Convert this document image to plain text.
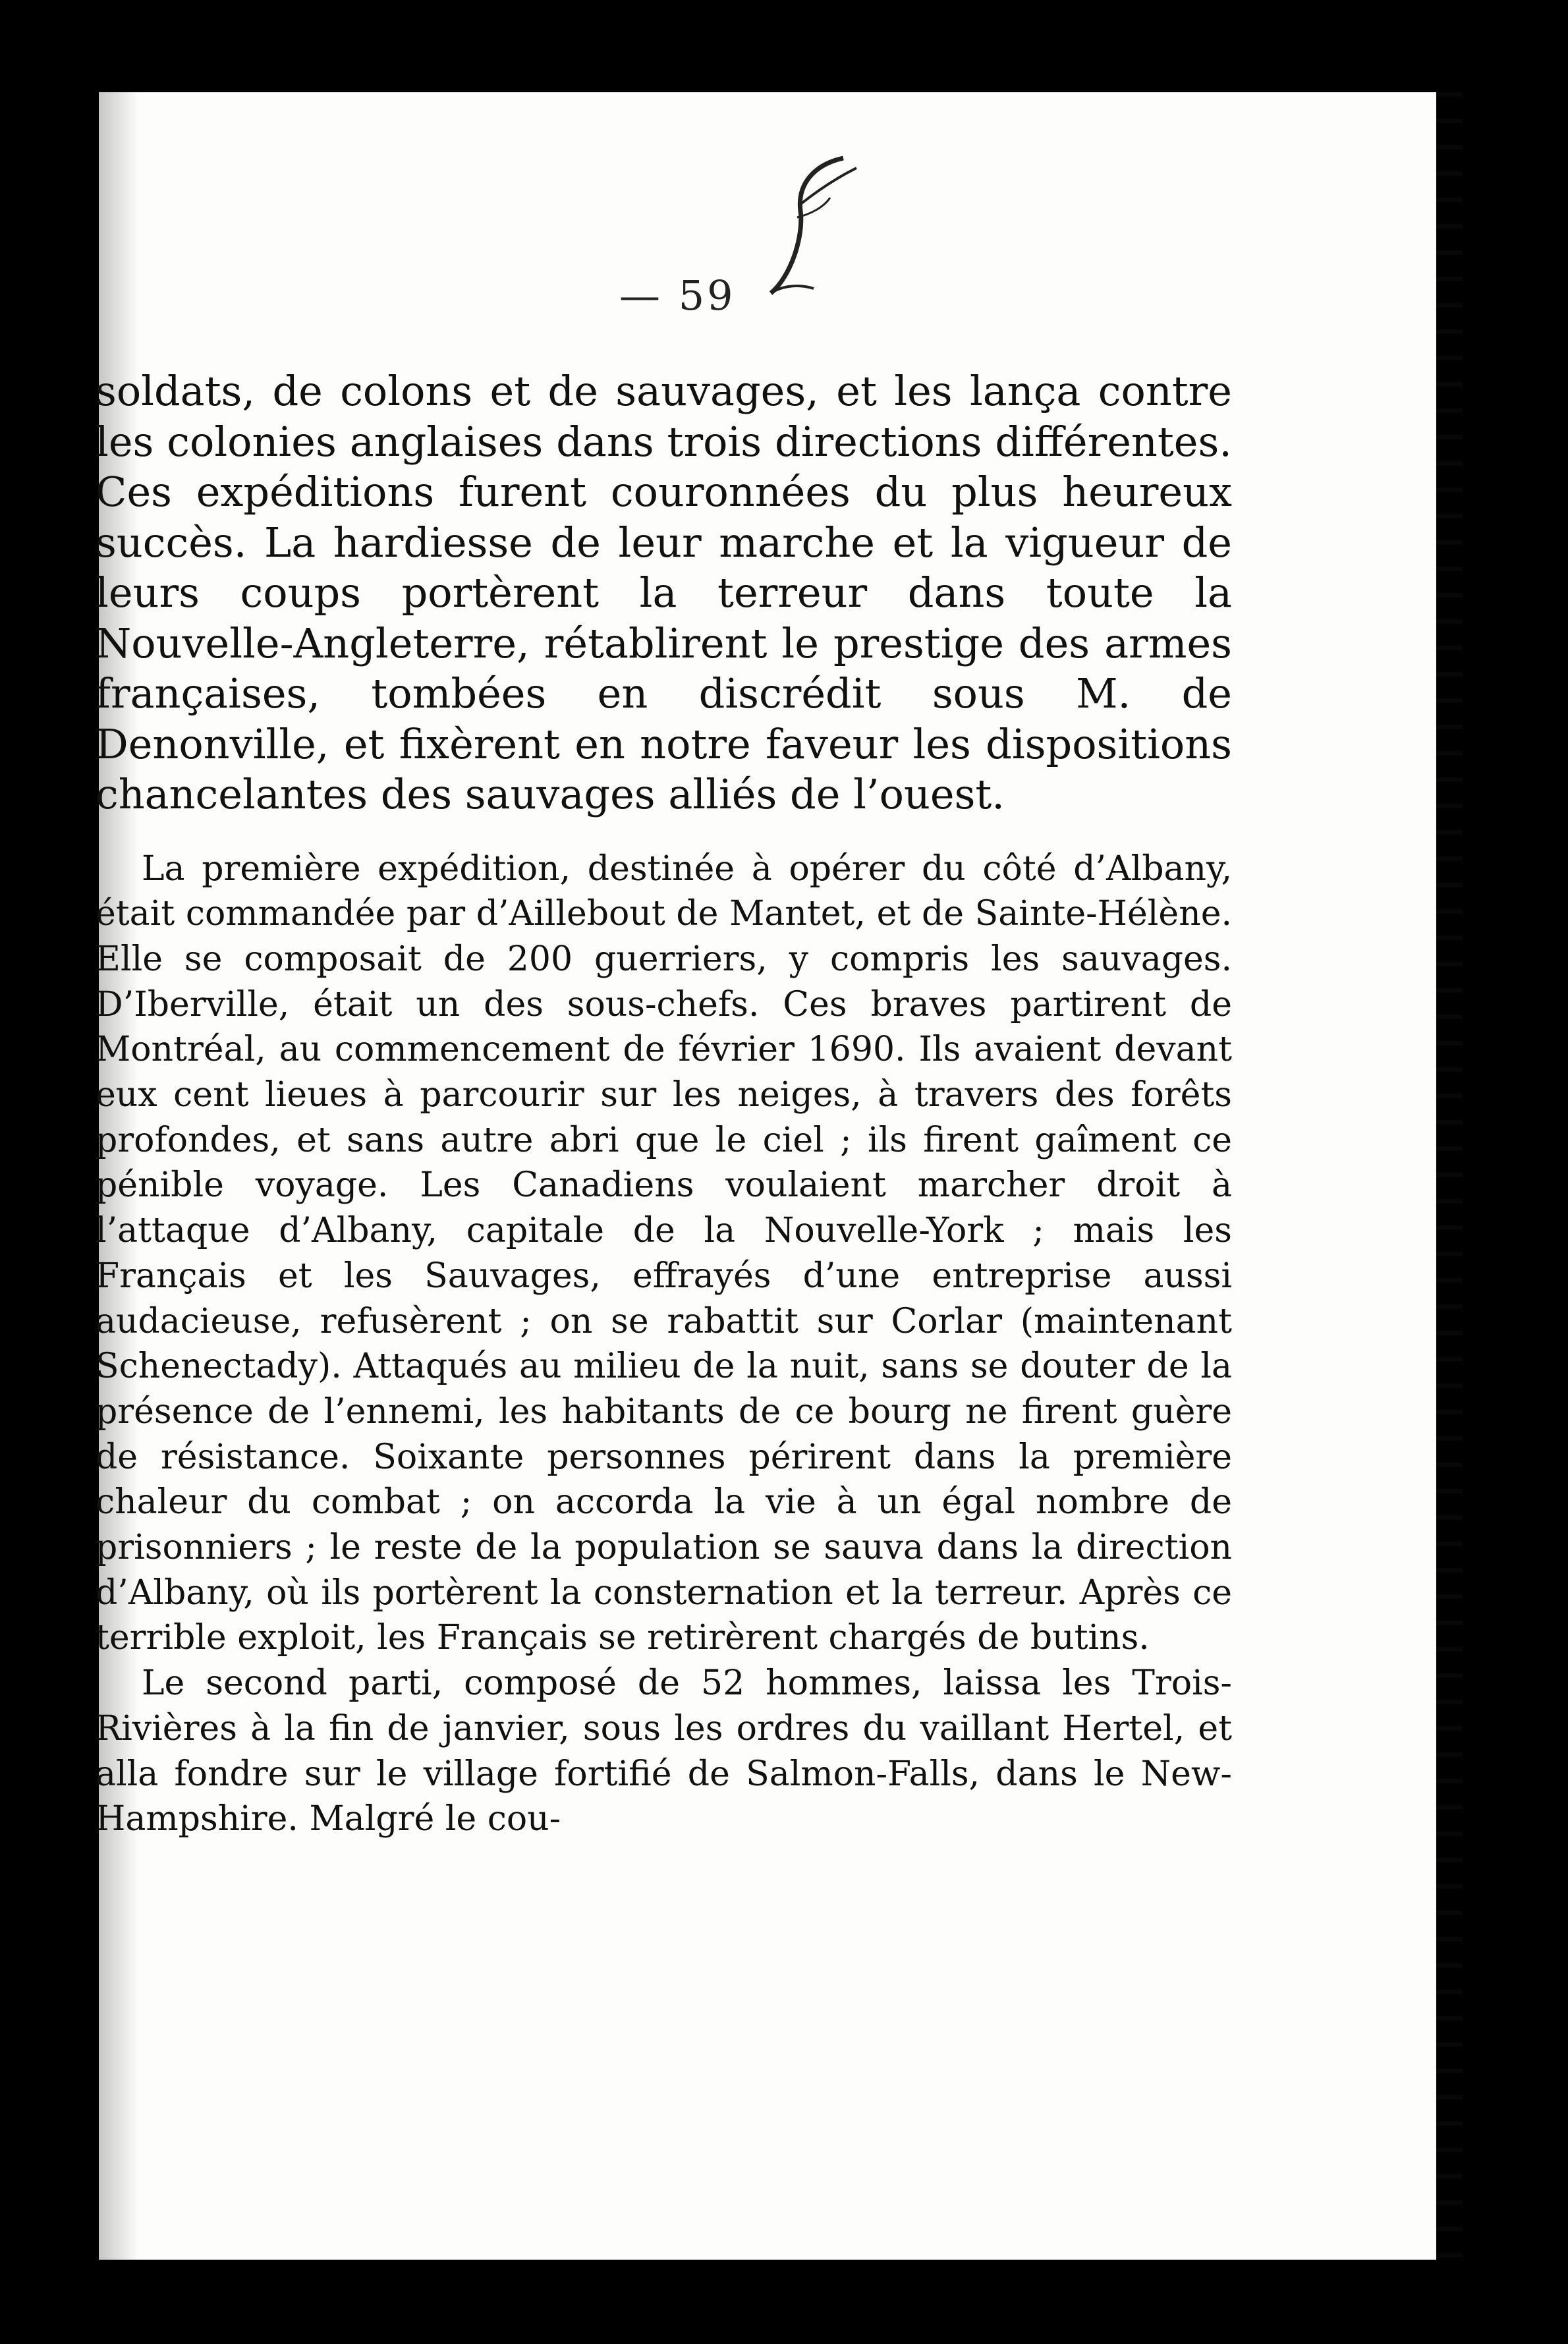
— 59

soldats, de colons et de sauvages, et les lança contre les colonies anglaises dans trois directions différentes. Ces expéditions furent couronnées du plus heureux succès. La hardiesse de leur marche et la vigueur de leurs coups portèrent la terreur dans toute la Nouvelle-Angleterre, rétablirent le prestige des armes françaises, tombées en discrédit sous M. de Denonville, et fixèrent en notre faveur les dispositions chancelantes des sauvages alliés de l’ouest.

La première expédition, destinée à opérer du côté d’Albany, était commandée par d’Aillebout de Mantet, et de Sainte-Hélène. Elle se composait de 200 guerriers, y compris les sauvages. D’Iberville, était un des sous-chefs. Ces braves partirent de Montréal, au commencement de février 1690. Ils avaient devant eux cent lieues à parcourir sur les neiges, à travers des forêts profondes, et sans autre abri que le ciel ; ils firent gaîment ce pénible voyage. Les Canadiens voulaient marcher droit à l’attaque d’Albany, capitale de la Nouvelle-York ; mais les Français et les Sauvages, effrayés d’une entreprise aussi audacieuse, refusèrent ; on se rabattit sur Corlar (maintenant Schenectady). Attaqués au milieu de la nuit, sans se douter de la présence de l’ennemi, les habitants de ce bourg ne firent guère de résistance. Soixante personnes périrent dans la première chaleur du combat ; on accorda la vie à un égal nombre de prisonniers ; le reste de la population se sauva dans la direction d’Albany, où ils portèrent la consternation et la terreur. Après ce terrible exploit, les Français se retirèrent chargés de butins.

Le second parti, composé de 52 hommes, laissa les Trois-Rivières à la fin de janvier, sous les ordres du vaillant Hertel, et alla fondre sur le village fortifié de Salmon-Falls, dans le New-Hampshire. Malgré le cou-
